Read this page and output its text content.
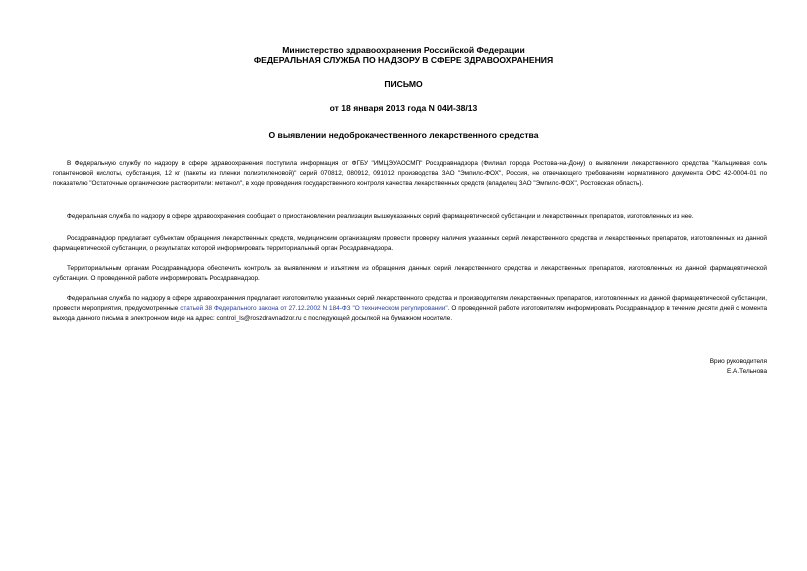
Министерство здравоохранения Российской Федерации
ФЕДЕРАЛЬНАЯ СЛУЖБА ПО НАДЗОРУ В СФЕРЕ ЗДРАВООХРАНЕНИЯ
ПИСЬМО
от 18 января 2013 года N 04И-38/13
О выявлении недоброкачественного лекарственного средства

В Федеральную службу по надзору в сфере здравоохранения поступила информация от ФГБУ "ИМЦЭУАОСМП" Росздравнадзора (Филиал города Ростова-на-Дону) о выявлении лекарственного средства "Кальциевая соль гопантеновой кислоты, субстанция, 12 кг (пакеты из пленки полиэтиленовой)" серий 070812, 080912, 091012 производства ЗАО "Эмпилс-ФОХ", Россия, не отвечающего требованиям нормативного документа ОФС 42-0004-01 по показателю "Остаточные органические растворители: метанол", в ходе проведения государственного контроля качества лекарственных средств (владелец ЗАО "Эмпилс-ФОХ", Ростовская область).

Федеральная служба по надзору в сфере здравоохранения сообщает о приостановлении реализации вышеуказанных серий фармацевтической субстанции и лекарственных препаратов, изготовленных из нее.

Росздравнадзор предлагает субъектам обращения лекарственных средств, медицинским организациям провести проверку наличия указанных серий лекарственного средства и лекарственных препаратов, изготовленных из данной фармацевтической субстанции, о результатах которой информировать территориальный орган Росздравнадзора.

Территориальным органам Росздравнадзора обеспечить контроль за выявлением и изъятием из обращения данных серий лекарственного средства и лекарственных препаратов, изготовленных из данной фармацевтической субстанции. О проведенной работе информировать Росздравнадзор.

Федеральная служба по надзору в сфере здравоохранения предлагает изготовителю указанных серий лекарственного средства и производителям лекарственных препаратов, изготовленных из данной фармацевтической субстанции, провести мероприятия, предусмотренные статьей 38 Федерального закона от 27.12.2002 N 184-ФЗ "О техническом регулировании". О проведенной работе изготовителям информировать Росздравнадзор в течение десяти дней с момента выхода данного письма в электронном виде на адрес: control_ls@roszdravnadzor.ru с последующей досылкой на бумажном носителе.

Врио руководителя
Е.А.Тельнова
